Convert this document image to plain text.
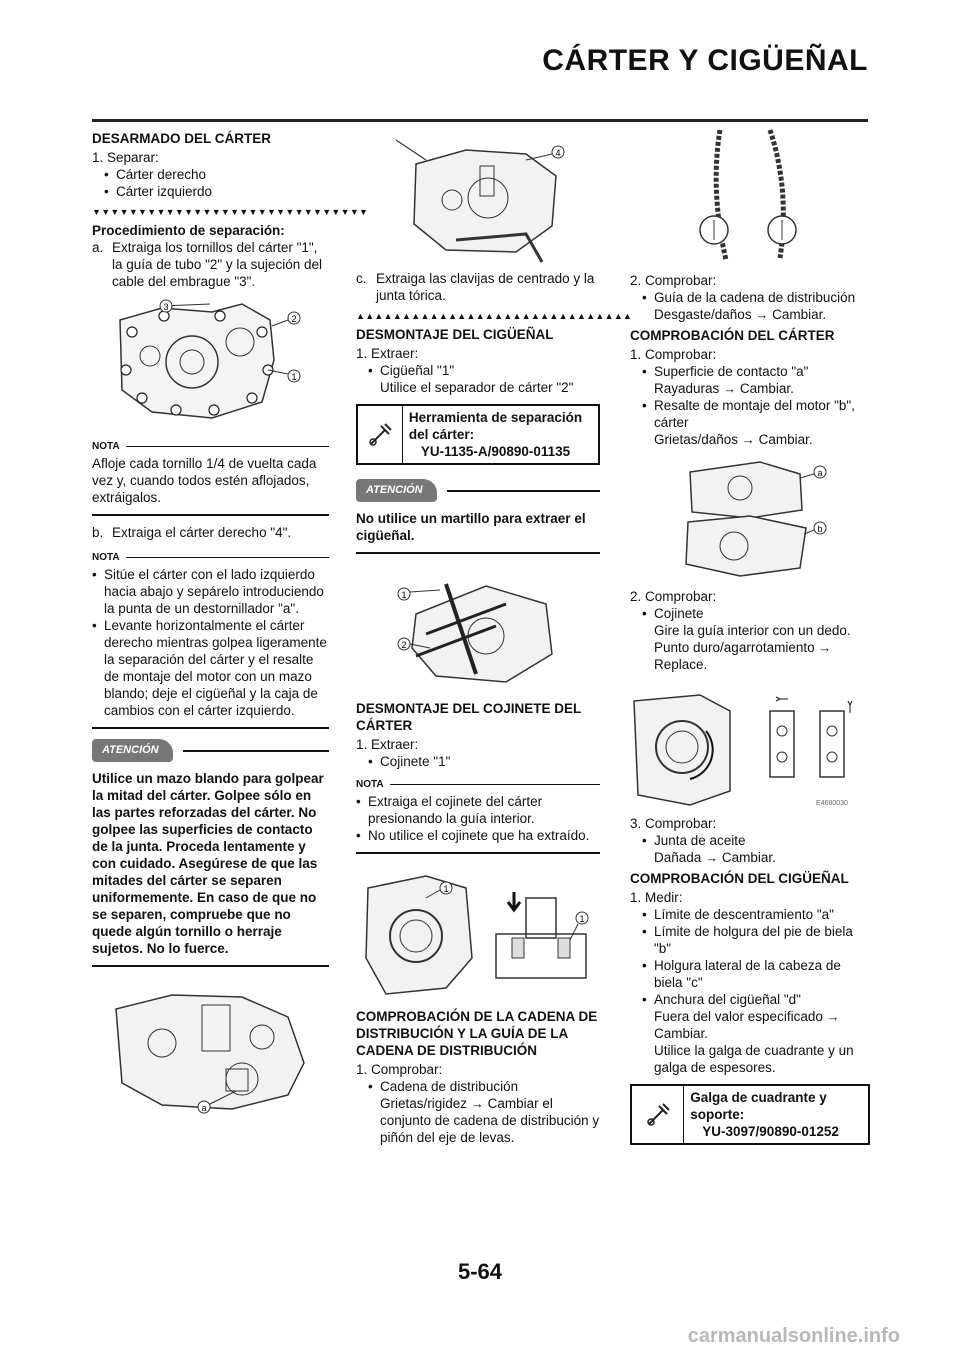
CÁRTER Y CIGÜEÑAL

DESARMADO DEL CÁRTER

1. Separar:

• Cárter derecho
• Cárter izquierdo
▼▼▼▼▼▼▼▼▼▼▼▼▼▼▼▼▼▼▼▼▼▼▼▼▼▼▼▼▼▼

Procedimiento de separación:

a. Extraiga los tornillos del cárter "1", la guía de tubo "2" y la sujeción del cable del embrague "3".
3
2
1
NOTA

Afloje cada tornillo 1/4 de vuelta cada vez y, cuando todos estén aflojados, extráigalos.

b. Extraiga el cárter derecho "4".
NOTA
• Sitúe el cárter con el lado izquierdo hacia abajo y sepárelo introduciendo la punta de un destornillador "a".
• Levante horizontalmente el cárter derecho mientras golpea ligeramente la separación del cárter y el resalte de montaje del motor con un mazo blando; deje el cigüeñal y la caja de cambios con el cárter izquierdo.
ATENCIÓN

Utilice un mazo blando para golpear la mitad del cárter. Golpee sólo en las partes reforzadas del cárter. No golpee las superficies de contacto de la junta. Proceda lentamente y con cuidado. Asegúrese de que las mitades del cárter se separen uniformemente. En caso de que no se separen, compruebe que no quede algún tornillo o herraje sujetos. No lo fuerce.

a
4
c. Extraiga las clavijas de centrado y la junta tórica.
▲▲▲▲▲▲▲▲▲▲▲▲▲▲▲▲▲▲▲▲▲▲▲▲▲▲▲▲▲▲

DESMONTAJE DEL CIGÜEÑAL

1. Extraer:

• Cigüeñal "1"

Utilice el separador de cárter "2"

Herramienta de separación del cárter:

YU-1135-A/90890-01135

ATENCIÓN

No utilice un martillo para extraer el cigüeñal.

1
2

DESMONTAJE DEL COJINETE DEL CÁRTER

1. Extraer:

• Cojinete "1"
NOTA
• Extraiga el cojinete del cárter presionando la guía interior.
• No utilice el cojinete que ha extraído.
1
1

COMPROBACIÓN DE LA CADENA DE DISTRIBUCIÓN Y LA GUÍA DE LA CADENA DE DISTRIBUCIÓN

1. Comprobar:

• Cadena de distribución

Grietas/rigidez → Cambiar el conjunto de cadena de distribución y piñón del eje de levas.

2. Comprobar:

• Guía de la cadena de distribución

Desgaste/daños → Cambiar.

COMPROBACIÓN DEL CÁRTER

1. Comprobar:

• Superficie de contacto "a"

Rayaduras → Cambiar.

• Resalte de montaje del motor "b", cárter

Grietas/daños → Cambiar.

a
b

2. Comprobar:

• Cojinete

Gire la guía interior con un dedo.

Punto duro/agarrotamiento → Replace.

E4680030

3. Comprobar:

• Junta de aceite

Dañada → Cambiar.

COMPROBACIÓN DEL CIGÜEÑAL

1. Medir:

• Límite de descentramiento "a"
• Límite de holgura del pie de biela "b"
• Holgura lateral de la cabeza de biela "c"
• Anchura del cigüeñal "d"

Fuera del valor especificado → Cambiar.

Utilice la galga de cuadrante y un galga de espesores.

Galga de cuadrante y soporte:

YU-3097/90890-01252

5-64
carmanualsonline.info
